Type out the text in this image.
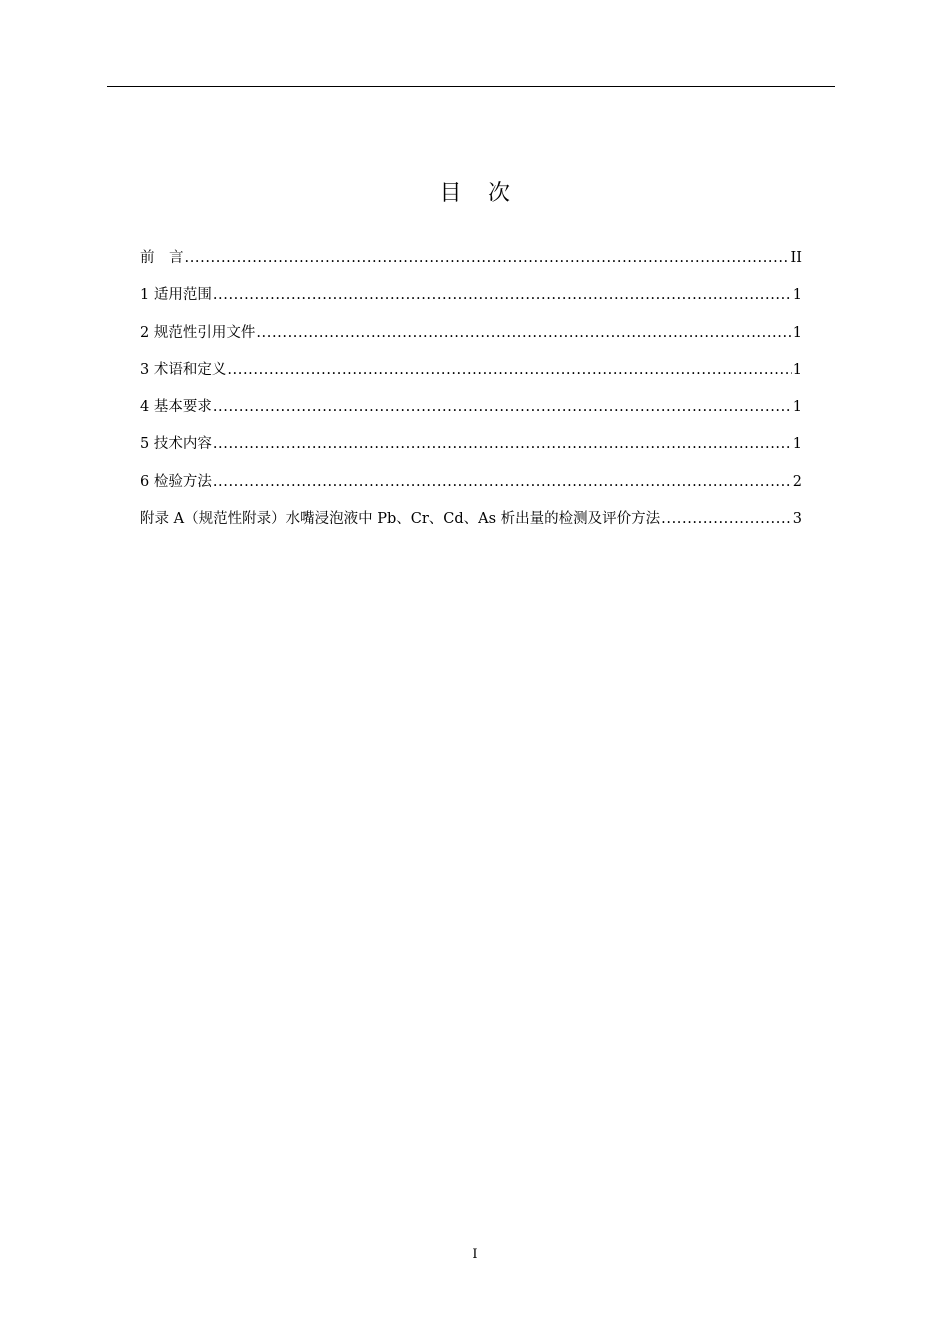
目 次
前　言 .....	II
1 适用范围 .....	1
2 规范性引用文件 .....	1
3 术语和定义 .....	1
4 基本要求 .....	1
5 技术内容 .....	1
6 检验方法 .....	2
附录 A（规范性附录）水嘴浸泡液中 Pb、Cr、Cd、As 析出量的检测及评价方法 .....	3
I
